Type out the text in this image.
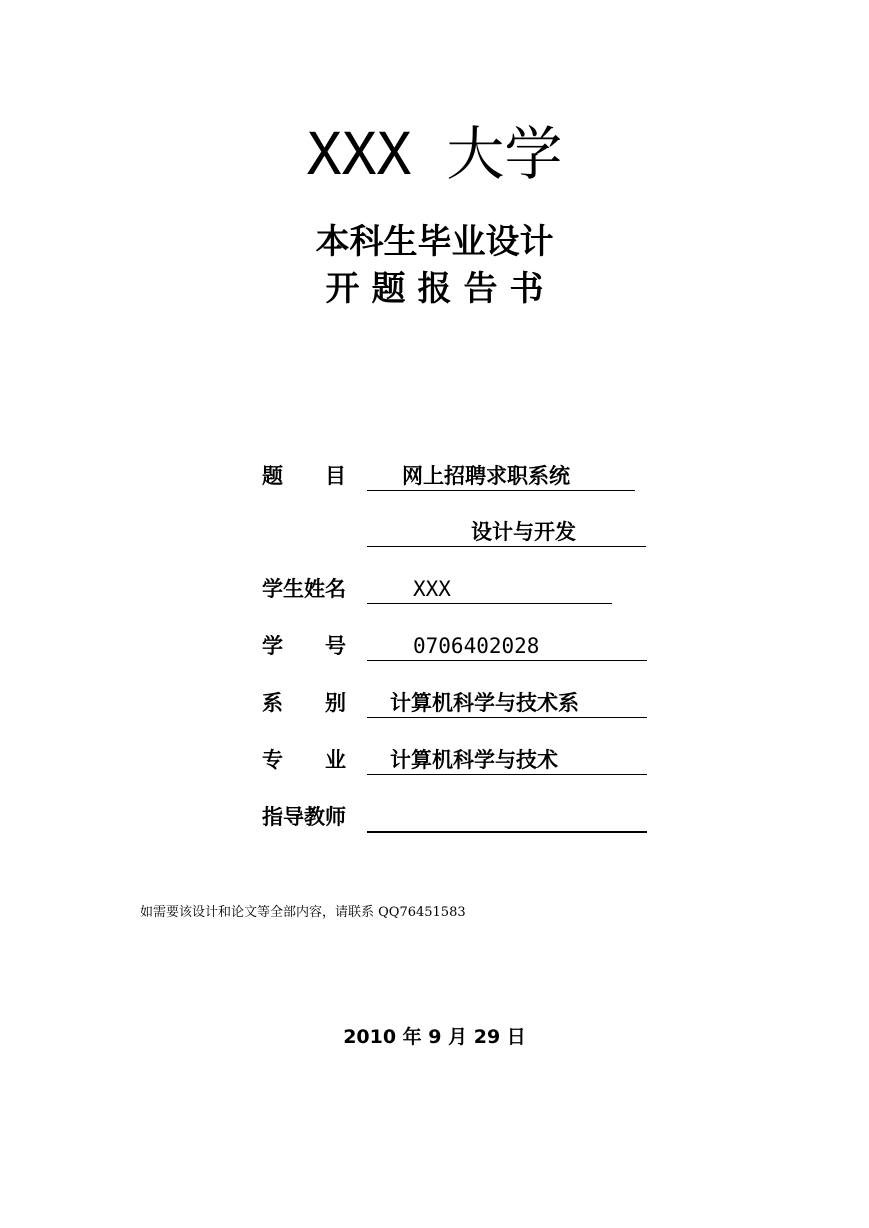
XXX 大学
本科生毕业设计
开题报告书
题　　目	网上招聘求职系统
设计与开发
学生姓名	XXX
学　　号	0706402028
系　　别 计算机科学与技术系
专　　业 计算机科学与技术
指导教师
如需要该设计和论文等全部内容，请联系 QQ76451583
2010 年 9 月 29 日
